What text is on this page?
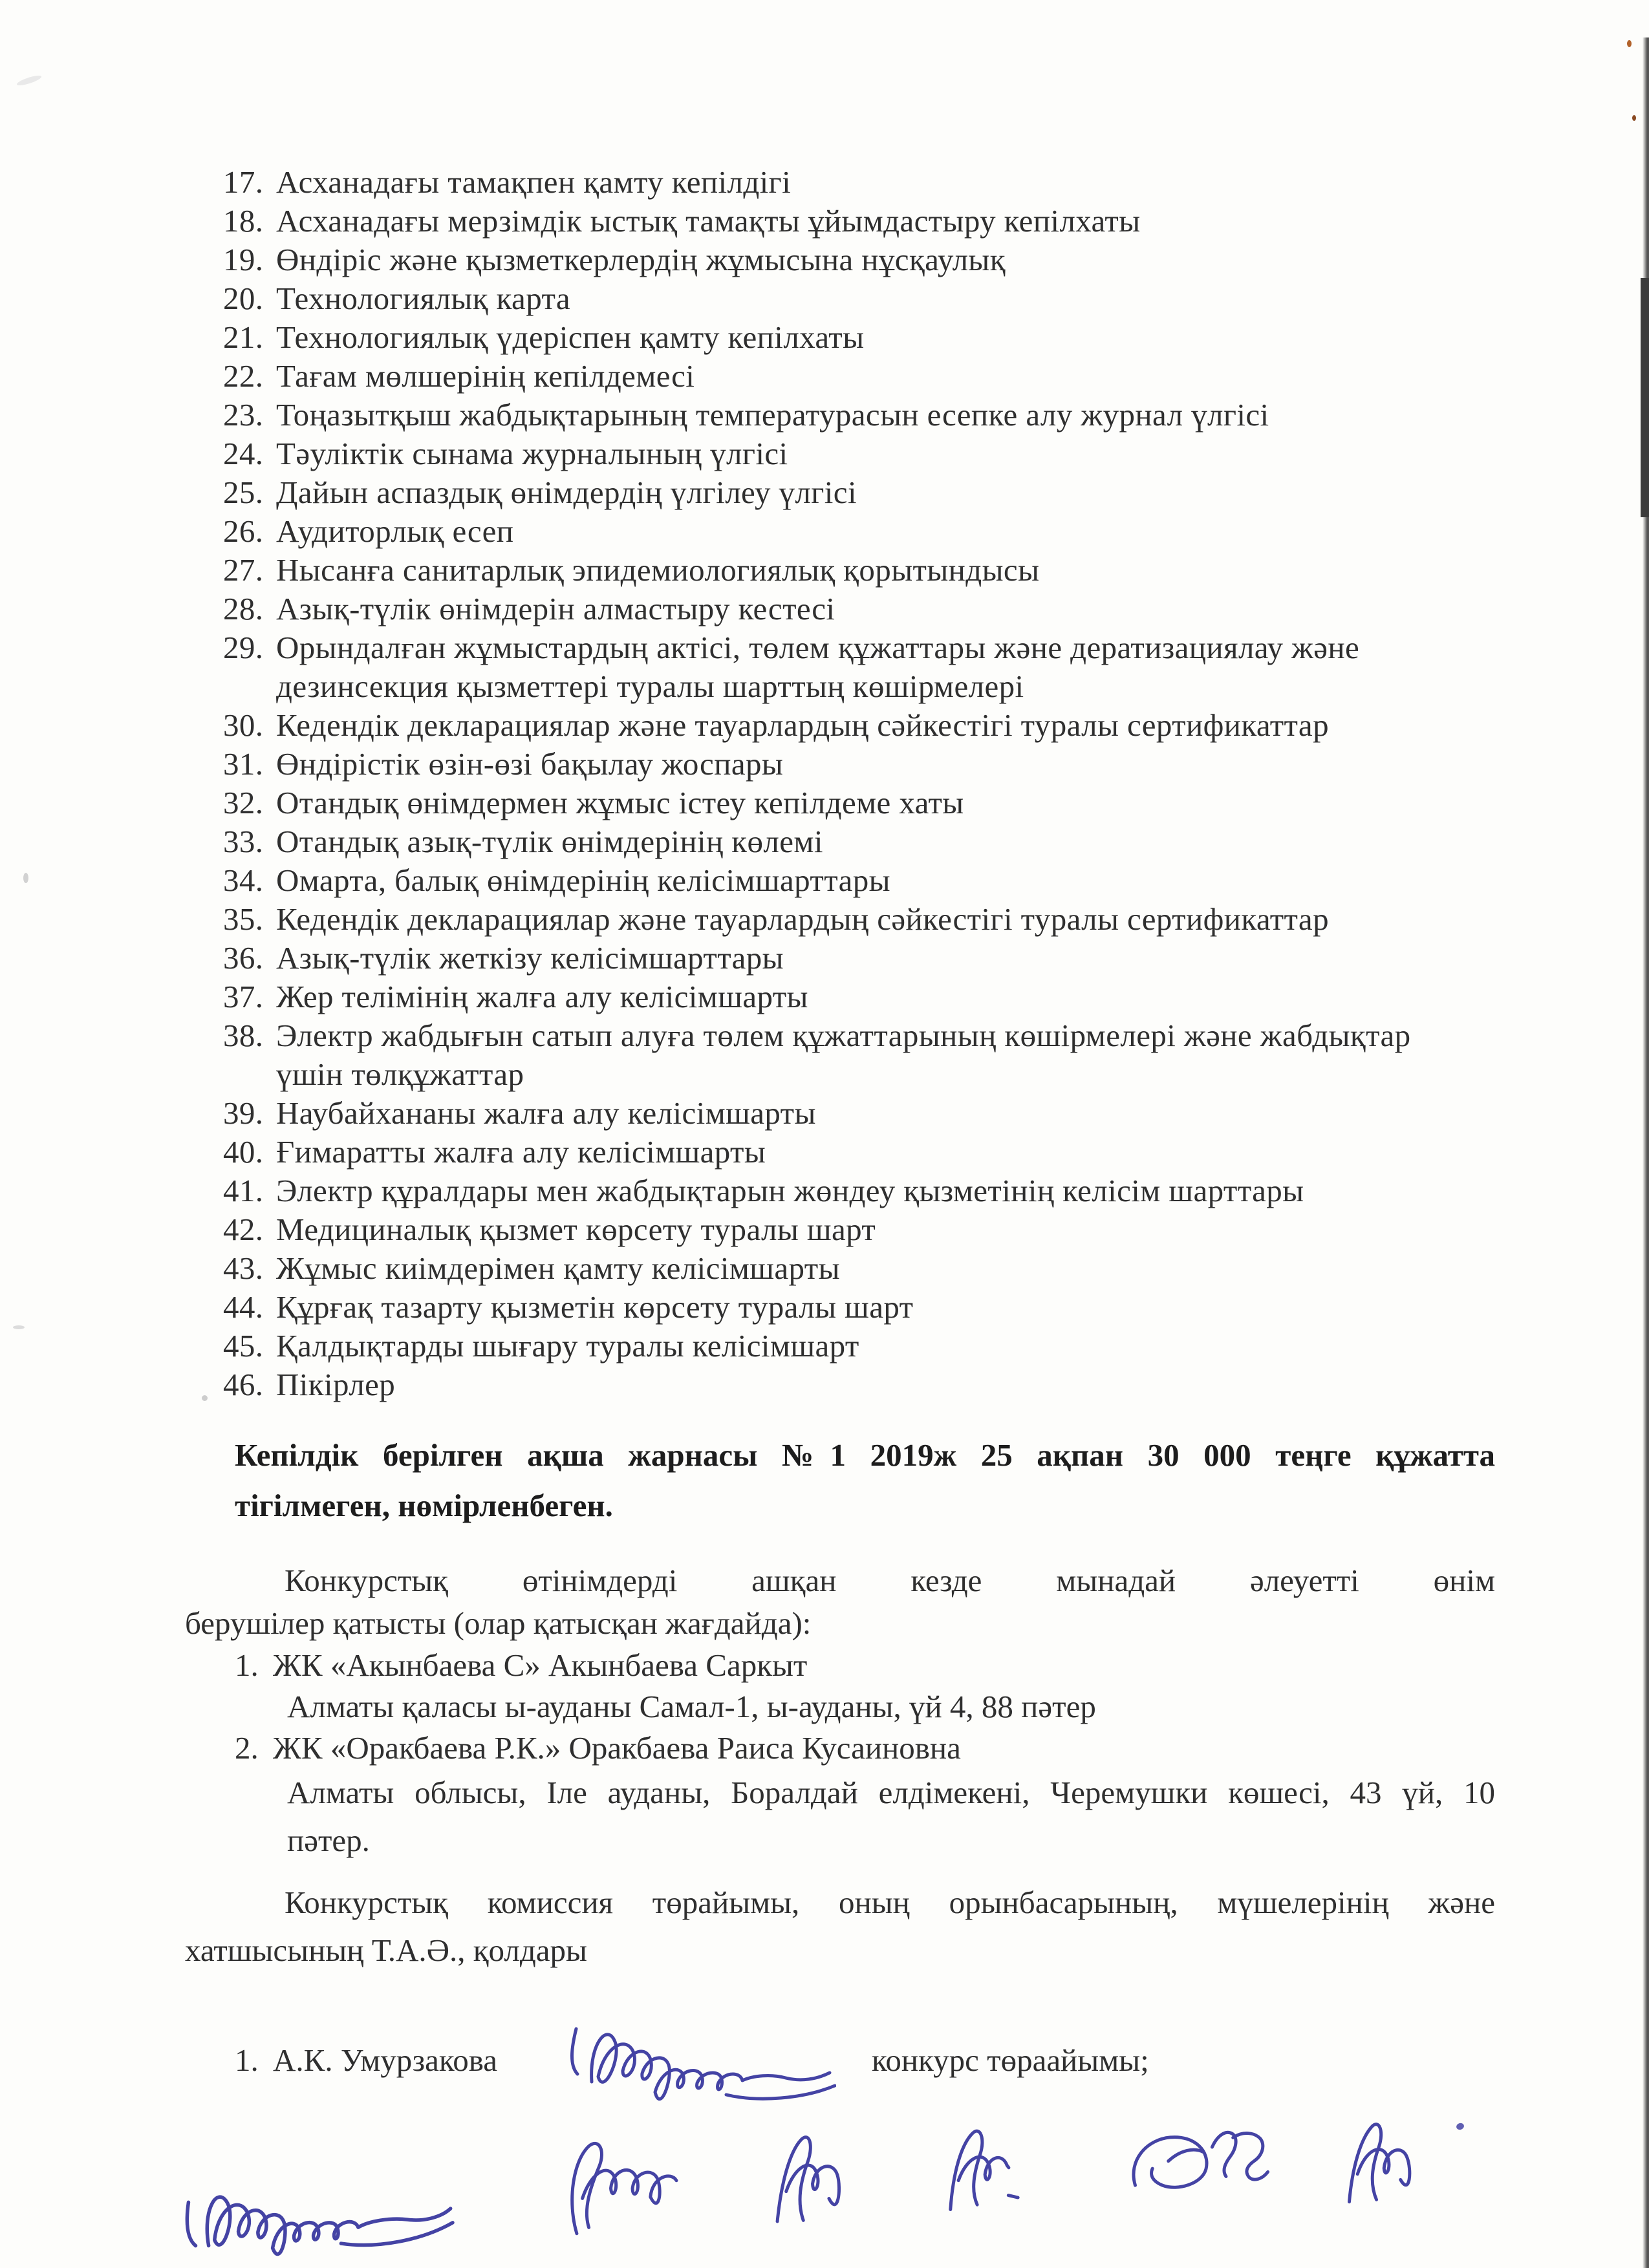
17. Асханадағы тамақпен қамту кепілдігі
18. Асханадағы мерзімдік ыстық тамақты ұйымдастыру кепілхаты
19. Өндіріс және қызметкерлердің жұмысына нұсқаулық
20. Технологиялық карта
21. Технологиялық үдеріспен қамту кепілхаты
22. Тағам мөлшерінің кепілдемесі
23. Тоңазытқыш жабдықтарының температурасын есепке алу журнал үлгісі
24. Тәуліктік сынама журналының үлгісі
25. Дайын аспаздық өнімдердің үлгілеу үлгісі
26. Аудиторлық есеп
27. Нысанға санитарлық эпидемиологиялық қорытындысы
28. Азық-түлік өнімдерін алмастыру кестесі
29. Орындалған жұмыстардың актісі, төлем құжаттары және дератизациялау және
дезинсекция қызметтері туралы шарттың көшірмелері
30. Кедендік декларациялар және тауарлардың сәйкестігі туралы сертификаттар
31. Өндірістік өзін-өзі бақылау жоспары
32. Отандық өнімдермен жұмыс істеу кепілдеме хаты
33. Отандық азық-түлік өнімдерінің көлемі
34. Омарта, балық өнімдерінің келісімшарттары
35. Кедендік декларациялар және тауарлардың сәйкестігі туралы сертификаттар
36. Азық-түлік жеткізу келісімшарттары
37. Жер телімінің жалға алу келісімшарты
38. Электр жабдығын сатып алуға төлем құжаттарының көшірмелері және жабдықтар
үшін төлқұжаттар
39. Наубайхананы жалға алу келісімшарты
40. Ғимаратты жалға алу келісімшарты
41. Электр құралдары мен жабдықтарын жөндеу қызметінің келісім шарттары
42. Медициналық қызмет көрсету туралы шарт
43. Жұмыс киімдерімен қамту келісімшарты
44. Құрғақ тазарту қызметін көрсету туралы шарт
45. Қалдықтарды шығару туралы келісімшарт
46. Пікірлер
Кепілдік берілген ақша жарнасы №1 2019ж 25 ақпан 30 000 теңге құжатта
тігілмеген, нөмірленбеген.
Конкурстық өтінімдерді ашқан кезде мынадай әлеуетті өнім
берушілер қатысты (олар қатысқан жағдайда):
1. ЖК «Акынбаева С» Акынбаева Саркыт
Алматы қаласы ы-ауданы Самал-1, ы-ауданы, үй 4, 88 пәтер
2. ЖК «Оракбаева Р.К.» Оракбаева Раиса Кусаиновна
Алматы облысы, Іле ауданы, Боралдай елдімекені, Черемушки көшесі, 43 үй, 10
пәтер.
Конкурстық комиссия төрайымы, оның орынбасарының, мүшелерінің және
хатшысының Т.А.Ә., қолдары
1. А.К. Умурзакова	конкурс төраайымы;
